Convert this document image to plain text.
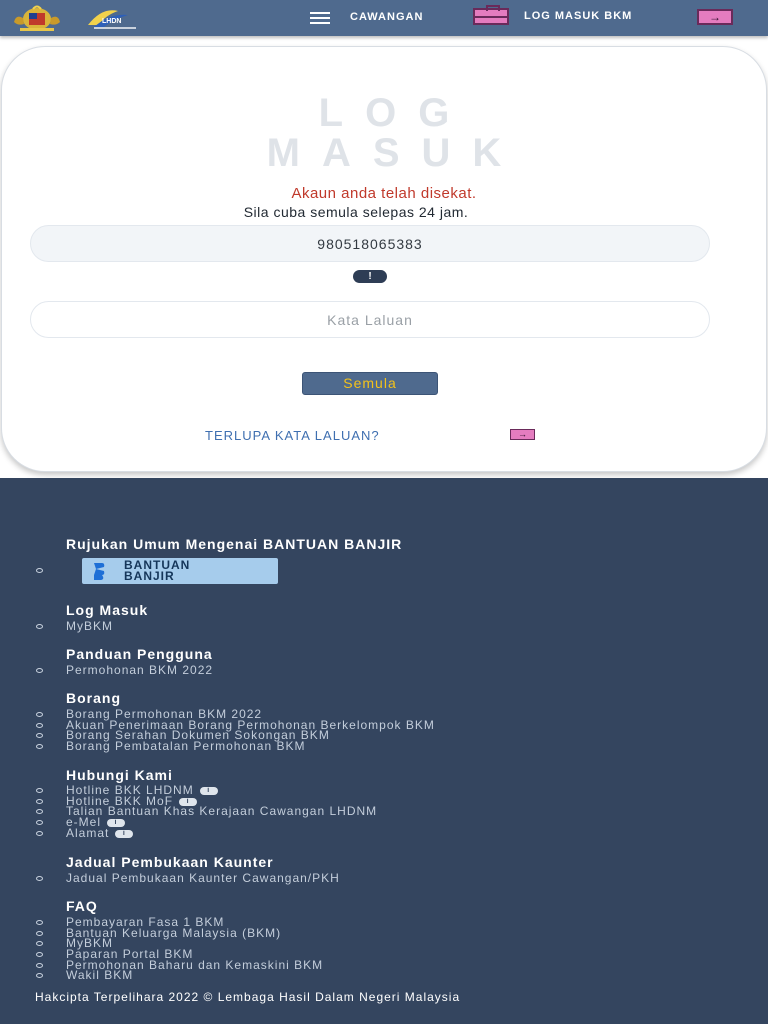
LHDN	CAWANGAN	LOG MASUK BKM	→
LOG
MASUK
Akaun anda telah disekat.
Sila cuba semula selepas 24 jam.
980518065383
!
Semula
TERLUPA KATA LALUAN?	→
Rujukan Umum Mengenai BANTUAN BANJIR
BANTUAN
BANJIR
Log Masuk
MyBKM
Panduan Pengguna
Permohonan BKM 2022
Borang
Borang Permohonan BKM 2022
Akuan Penerimaan Borang Permohonan Berkelompok BKM
Borang Serahan Dokumen Sokongan BKM
Borang Pembatalan Permohonan BKM
Hubungi Kami
Hotline BKK LHDNM i
Hotline BKK MoF i
Talian Bantuan Khas Kerajaan Cawangan LHDNM
e-Mel i
Alamat i
Jadual Pembukaan Kaunter
Jadual Pembukaan Kaunter Cawangan/PKH
FAQ
Pembayaran Fasa 1 BKM
Bantuan Keluarga Malaysia (BKM)
MyBKM
Paparan Portal BKM
Permohonan Baharu dan Kemaskini BKM
Wakil BKM
Hakcipta Terpelihara 2022 © Lembaga Hasil Dalam Negeri Malaysia
